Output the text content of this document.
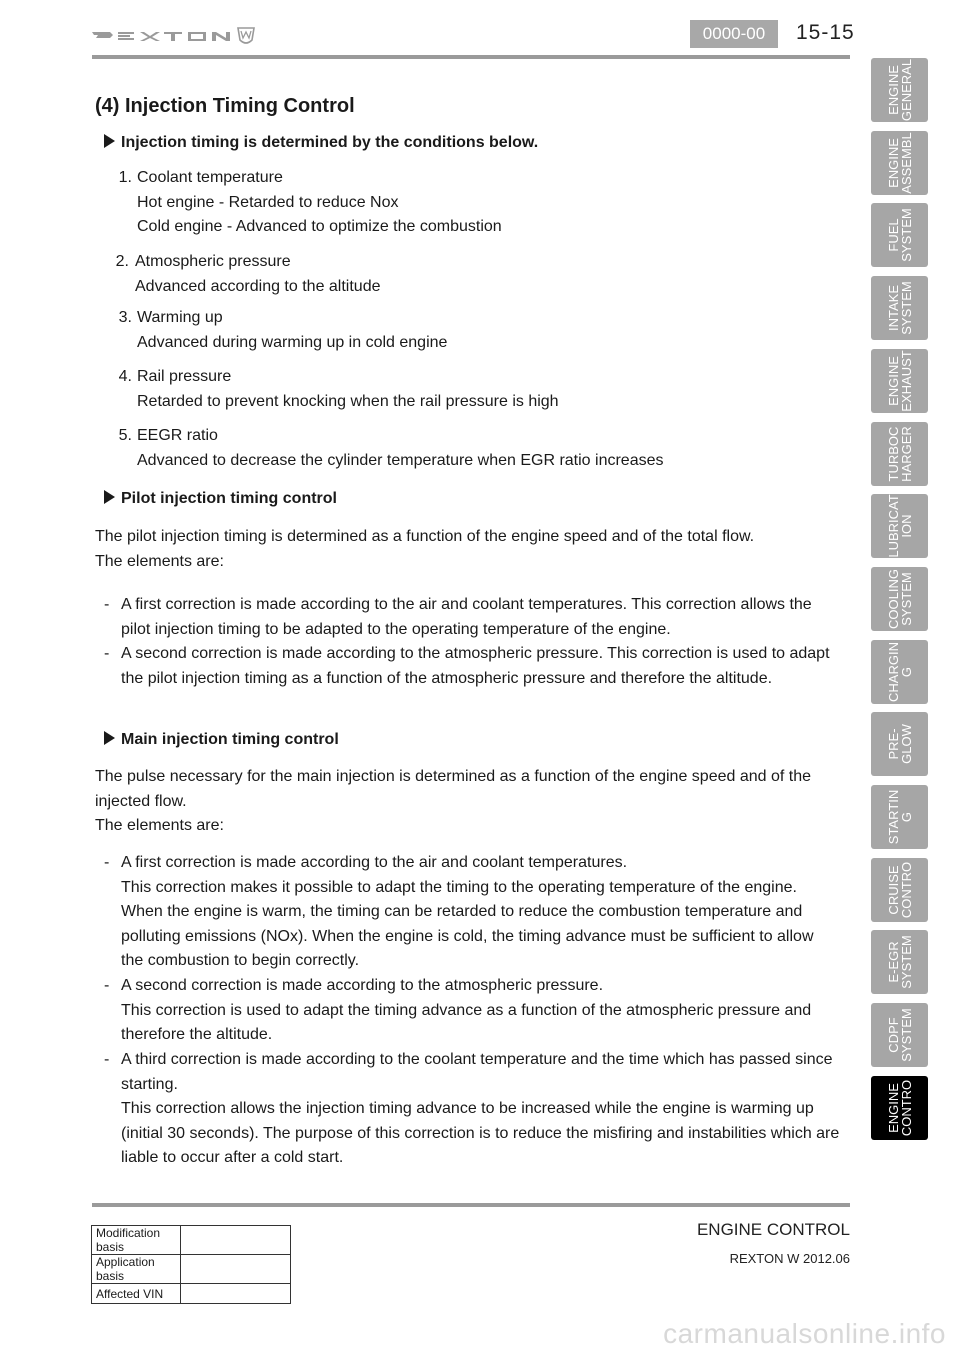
0000-00	15-15
(4) Injection Timing Control
Injection timing is determined by the conditions below.
1. Coolant temperature
Hot engine - Retarded to reduce Nox
Cold engine - Advanced to optimize the combustion
2. Atmospheric pressure
Advanced according to the altitude
3. Warming up
Advanced during warming up in cold engine
4. Rail pressure
Retarded to prevent knocking when the rail pressure is high
5. EEGR ratio
Advanced to decrease the cylinder temperature when EGR ratio increases
Pilot injection timing control
The pilot injection timing is determined as a function of the engine speed and of the total flow.
The elements are:
- A first correction is made according to the air and coolant temperatures. This correction allows the
pilot injection timing to be adapted to the operating temperature of the engine.
- A second correction is made according to the atmospheric pressure. This correction is used to adapt
the pilot injection timing as a function of the atmospheric pressure and therefore the altitude.
Main injection timing control
The pulse necessary for the main injection is determined as a function of the engine speed and of the
injected flow.
The elements are:
- A first correction is made according to the air and coolant temperatures.
This correction makes it possible to adapt the timing to the operating temperature of the engine.
When the engine is warm, the timing can be retarded to reduce the combustion temperature and
polluting emissions (NOx). When the engine is cold, the timing advance must be sufficient to allow
the combustion to begin correctly.
- A second correction is made according to the atmospheric pressure.
This correction is used to adapt the timing advance as a function of the atmospheric pressure and
therefore the altitude.
- A third correction is made according to the coolant temperature and the time which has passed since
starting.
This correction allows the injection timing advance to be increased while the engine is warming up
(initial 30 seconds). The purpose of this correction is to reduce the misfiring and instabilities which are
liable to occur after a cold start.
Modification basis	
Application basis	
Affected VIN	
ENGINE CONTROL
REXTON W 2012.06
ENGINE
GENERAL
ENGINE
ASSEMBL
FUEL
SYSTEM
INTAKE
SYSTEM
ENGINE
EXHAUST
TURBOC
HARGER
LUBRICAT
ION
COOLING
SYSTEM
CHARGIN
G
PRE-
GLOW
STARTIN
G
CRUISE
CONTRO
E-EGR
SYSTEM
CDPF
SYSTEM
ENGINE
CONTRO
carmanualsonline.info
